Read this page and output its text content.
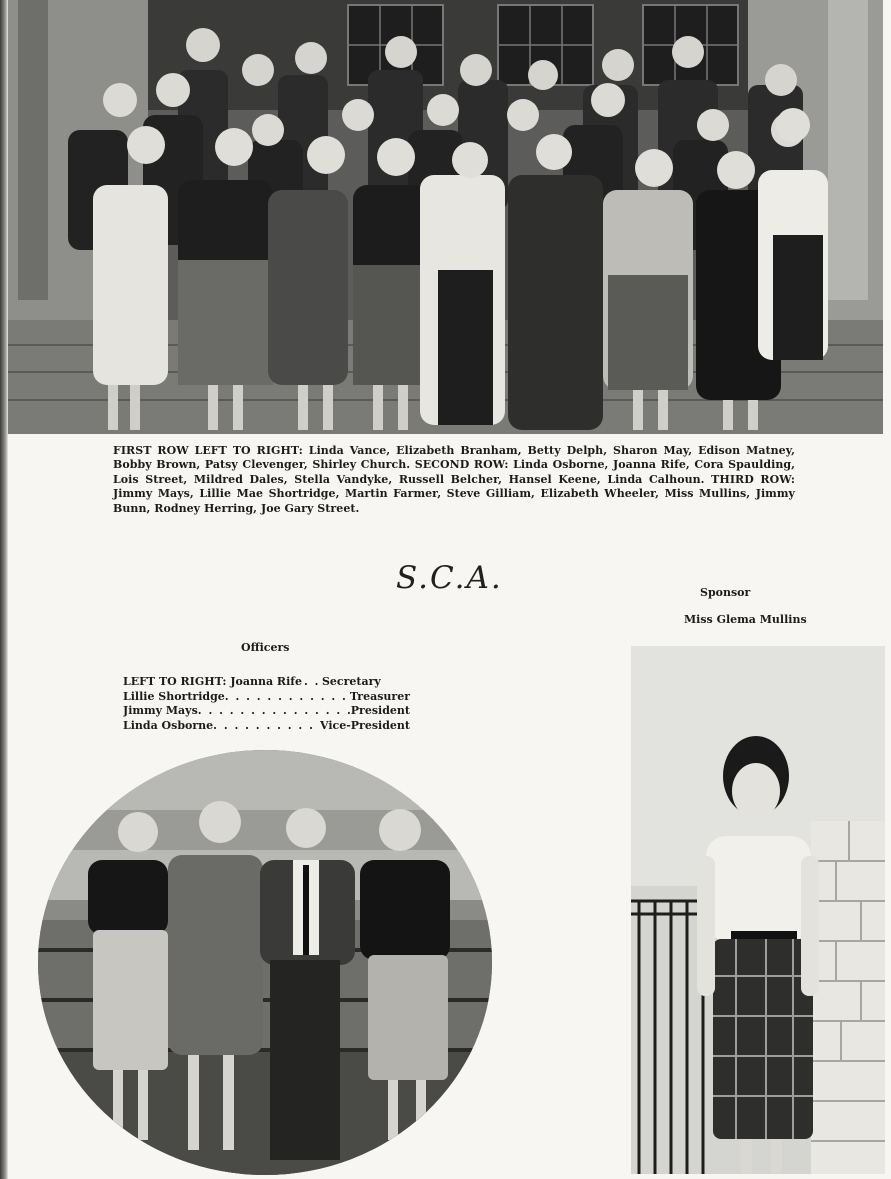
FIRST ROW LEFT TO RIGHT: Linda Vance, Elizabeth Branham, Betty Delph, Sharon May, Edison Matney, Bobby Brown, Patsy Clevenger, Shirley Church. SECOND ROW: Linda Osborne, Joanna Rife, Cora Spaulding, Lois Street, Mildred Dales, Stella Vandyke, Russell Belcher, Hansel Keene, Linda Calhoun. THIRD ROW: Jimmy Mays, Lillie Mae Shortridge, Martin Farmer, Steve Gilliam, Elizabeth Wheeler, Miss Mullins, Jimmy Bunn, Rodney Herring, Joe Gary Street.
S.C.A.	Sponsor
Miss Glema Mullins
Officers
LEFT TO RIGHT:
Joanna Rife . . Secretary
Lillie Shortridge . . .	Treasurer
Jimmy Mays . . .	President
Linda Osborne . . .	Vice-President
